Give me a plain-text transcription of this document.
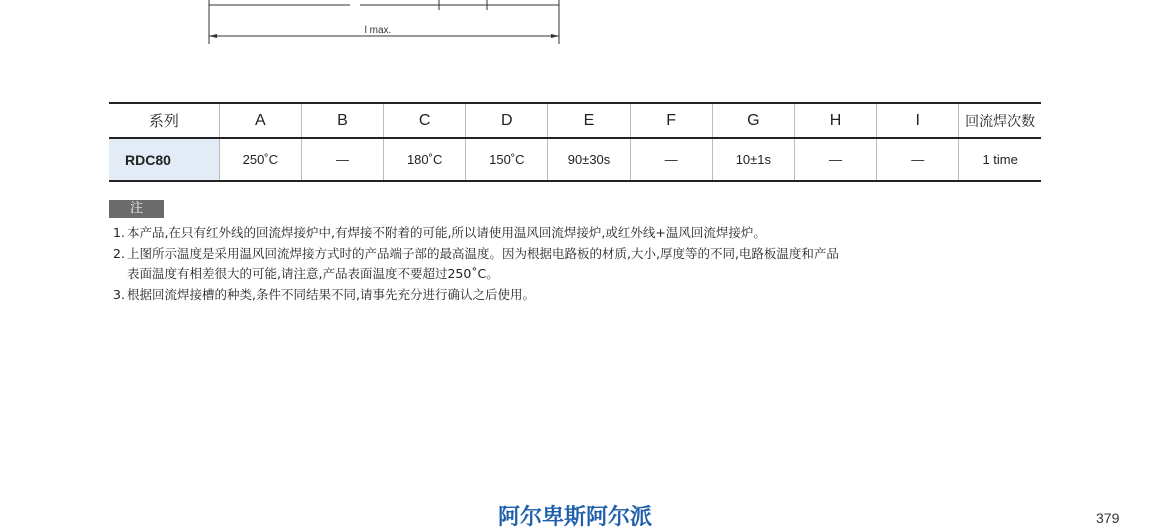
l max.
系列	A	B	C	D	E	F	G	H	I	回流焊次数
RDC80	250˚C	—	180˚C	150˚C	90±30s	—	10±1s	—	—	1 time
注
1. 本产品,在只有红外线的回流焊接炉中,有焊接不附着的可能,所以请使用温风回流焊接炉,或红外线+温风回流焊接炉。
2. 上图所示温度是采用温风回流焊接方式时的产品端子部的最高温度。因为根据电路板的材质,大小,厚度等的不同,电路板温度和产品表面温度有相差很大的可能,请注意,产品表面温度不要超过250˚C。
3. 根据回流焊接槽的种类,条件不同结果不同,请事先充分进行确认之后使用。
阿尔卑斯阿尔派	379
